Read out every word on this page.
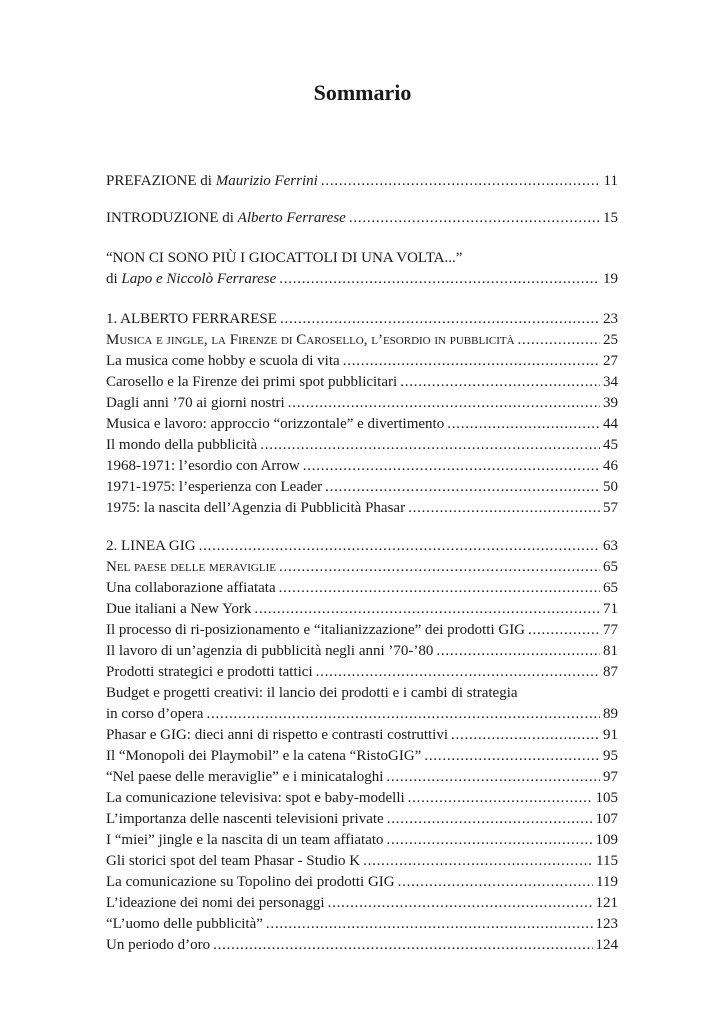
Sommario
PREFAZIONE di Maurizio Ferrini . . .	11
INTRODUZIONE di Alberto Ferrarese . . .	15
“NON CI SONO PIÙ I GIOCATTOLI DI UNA VOLTA...”
di Lapo e Niccolò Ferrarese . . .	19
1. ALBERTO FERRARESE . . .	23
Musica e jingle, la Firenze di Carosello, l’esordio in pubblicità . . .	25
La musica come hobby e scuola di vita . . .	27
Carosello e la Firenze dei primi spot pubblicitari . . .	34
Dagli anni ’70 ai giorni nostri . . .	39
Musica e lavoro: approccio “orizzontale” e divertimento . . .	44
Il mondo della pubblicità . . .	45
1968-1971: l’esordio con Arrow . . .	46
1971-1975: l’esperienza con Leader . . .	50
1975: la nascita dell’Agenzia di Pubblicità Phasar . . .	57
2. LINEA GIG . . .	63
Nel paese delle meraviglie . . .	65
Una collaborazione affiatata . . .	65
Due italiani a New York . . .	71
Il processo di ri-posizionamento e “italianizzazione” dei prodotti GIG . . .	77
Il lavoro di un’agenzia di pubblicità negli anni ’70-’80 . . .	81
Prodotti strategici e prodotti tattici . . .	87
Budget e progetti creativi: il lancio dei prodotti e i cambi di strategia
in corso d’opera . . .	89
Phasar e GIG: dieci anni di rispetto e contrasti costruttivi . . .	91
Il “Monopoli dei Playmobil” e la catena “RistoGIG” . . .	95
“Nel paese delle meraviglie” e i minicataloghi . . .	97
La comunicazione televisiva: spot e baby-modelli . . .	105
L’importanza delle nascenti televisioni private . . .	107
I “miei” jingle e la nascita di un team affiatato . . .	109
Gli storici spot del team Phasar - Studio K . . .	115
La comunicazione su Topolino dei prodotti GIG . . .	119
L’ideazione dei nomi dei personaggi . . .	121
“L’uomo delle pubblicità” . . .	123
Un periodo d’oro . . .	124
